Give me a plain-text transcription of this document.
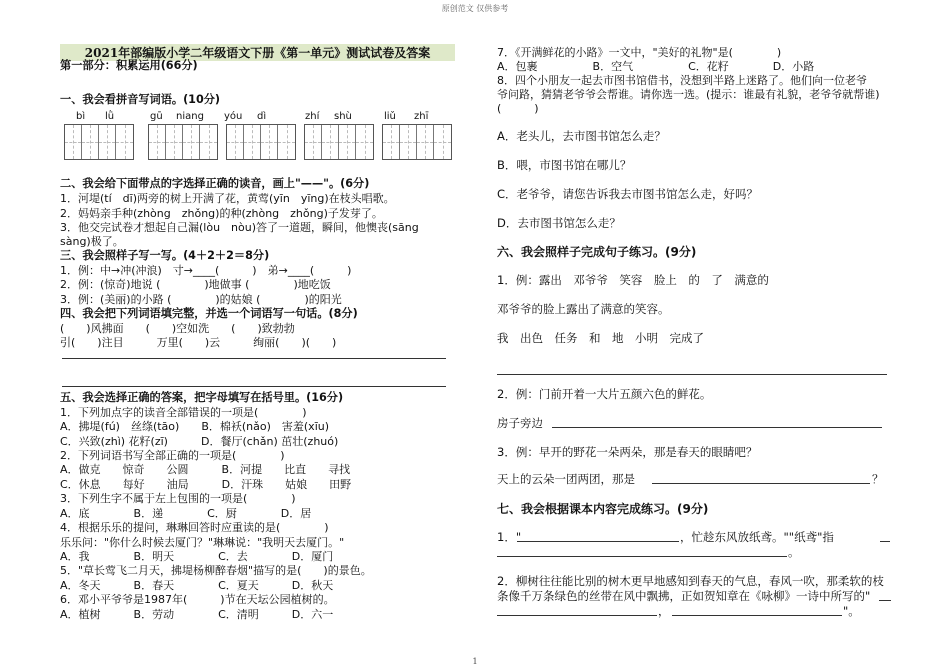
原创范文 仅供参考
2021年部编版小学二年级语文下册《第一单元》测试试卷及答案
第一部分：积累运用(66分)
一、我会看拼音写词语。(10分)
bì lǜ	gū niang yóu dì	zhí shù	liǔ zhī
二、我会给下面带点的字选择正确的读音，画上"——"。(6分)
1．河堤(tí　dī)两旁的树上开满了花，黄莺(yīn　yīng)在枝头唱歌。
2．妈妈亲手种(zhòng　zhǒng)的种(zhòng　zhǒng)子发芽了。
3．他交完试卷才想起自己漏(lòu　nòu)答了一道题，瞬间，他懊丧(sāng
sàng)极了。
三、我会照样子写一写。(4＋2＋2＝8分)
1．例：中→冲(冲浪)　寸→____(　　　)　弟→____(　　　)
2．例：(惊奇)地说 (　　　　)地做事 (　　　　)地吃饭
3．例：(美丽)的小路 (　　　　)的姑娘 (　　　　)的阳光
四、我会把下列词语填完整，并选一个词语写一句话。(8分)
(　　)风拂面　　(　　)空如洗　　(　　)致勃勃
引(　　)注目　　　万里(　　)云　　　绚丽(　　)(　　)
五、我会选择正确的答案，把字母填写在括号里。(16分)
1．下列加点字的读音全部错误的一项是(　　　　)
A．拂堤(fú)　丝绦(tāo)　　B．棉袄(nǎo)　害羞(xīu)
C．兴致(zhì) 花籽(zī)　　　D．餐厅(chǎn) 茁壮(zhuó)
2．下列词语书写全部正确的一项是(　　　　)
A．做克　　惊奇　　公圆　　　B．河提　　比直　　寻找
C．休息　　每好　　油局　　　D．汗珠　　姑娘　　田野
3．下列生字不属于左上包围的一项是(　　　　)
A．底　　　　B．递　　　　C．厨　　　　D．居
4．根据乐乐的提问，琳琳回答时应重读的是(　　　　)
乐乐问："你什么时候去厦门？"琳琳说："我明天去厦门。"
A．我　　　　B．明天　　　　C．去　　　　D．厦门
5．"草长莺飞二月天，拂堤杨柳醉春烟"描写的是(　　)的景色。
A．冬天　　　B．春天　　　　C．夏天　　　D．秋天
6．邓小平爷爷是1987年(　　　)节在天坛公园植树的。
A．植树　　　B．劳动　　　　C．清明　　　D．六一
7．《开满鲜花的小路》一文中，"美好的礼物"是(　　　　)
A．包裹　　　　　B．空气　　　　　C．花籽　　　　D．小路
8．四个小朋友一起去市图书馆借书，没想到半路上迷路了。他们向一位老爷
爷问路，猜猜老爷爷会帮谁。请你选一选。(提示：谁最有礼貌，老爷爷就帮谁)
(　　　)
A．老头儿，去市图书馆怎么走？
B．喂，市图书馆在哪儿？
C．老爷爷，请您告诉我去市图书馆怎么走，好吗？
D．去市图书馆怎么走？
六、我会照样子完成句子练习。(9分)
1．例：露出　邓爷爷　笑容　脸上　的　了　满意的
邓爷爷的脸上露出了满意的笑容。
我　出色　任务　和　地　小明　完成了
2．例：门前开着一大片五颜六色的鲜花。
房子旁边
3．例：早开的野花一朵两朵，那是春天的眼睛吧？
天上的云朵一团两团，那是	？
七、我会根据课本内容完成练习。(9分)
1．"	，忙趁东风放纸鸢。""纸鸢"指
。
2．柳树往往能比别的树木更早地感知到春天的气息，春风一吹，那柔软的枝
条像千万条绿色的丝带在风中飘拂，正如贺知章在《咏柳》一诗中所写的"
，	"。
1
